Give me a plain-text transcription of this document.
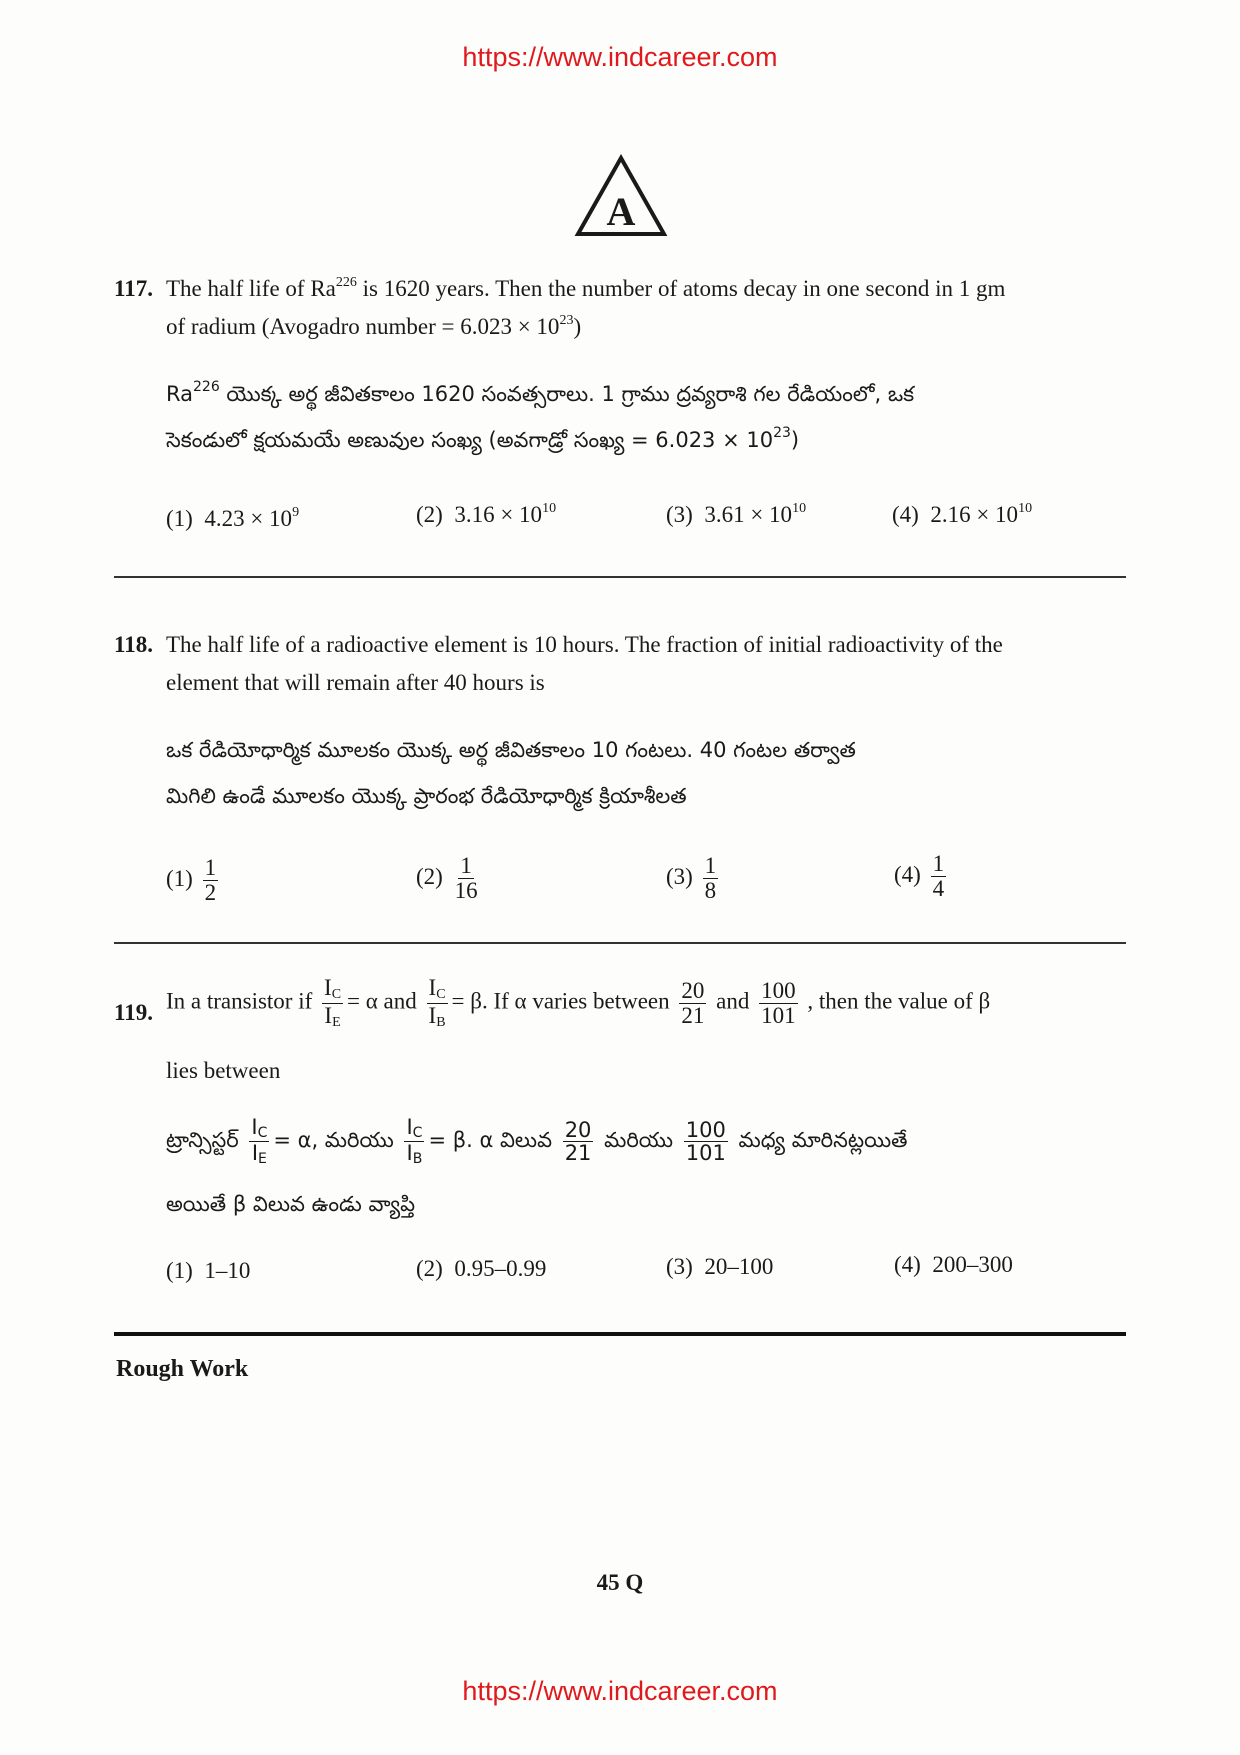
https://www.indcareer.com
A
117. The half life of Ra$^{226}$ is 1620 years. Then the number of atoms decay in one second in 1 gm
of radium (Avogadro number = $6.023 \times 10^{23}$)
Ra$^{226}$ యొక్క అర్థ జీవితకాలం 1620 సంవత్సరాలు. 1 గ్రాము ద్రవ్యరాశి గల రేడియంలో, ఒక
సెకండులో క్షయమయే అణువుల సంఖ్య (అవగాడ్రో సంఖ్య = $6.023 \times 10^{23}$)
(1) $4.23 \times 10^9$	(2) $3.16 \times 10^{10}$	(3) $3.61 \times 10^{10}$	(4) $2.16 \times 10^{10}$
118. The half life of a radioactive element is 10 hours. The fraction of initial radioactivity of the
element that will remain after 40 hours is
ఒక రేడియోధార్మిక మూలకం యొక్క అర్థ జీవితకాలం 10 గంటలు. 40 గంటల తర్వాత
మిగిలి ఉండే మూలకం యొక్క ప్రారంభ రేడియోధార్మిక క్రియాశీలత
$(1) \frac{1}{2}$	$(2) \frac{1}{16}$	$(3) \frac{1}{8}$	$(4) \frac{1}{4}$
119. In a transistor if $\frac{I_C}{I_E} = \alpha$ and $\frac{I_C}{I_B} = \beta$. If α varies between $\frac{20}{21}$ and $\frac{100}{101}$ , then the value of β
lies between
ట్రాన్సిస్టర్ $\frac{I_C}{I_E} = \alpha$, మరియు $\frac{I_C}{I_B} = \beta$. α విలువ $\frac{20}{21}$ మరియు $\frac{100}{101}$ మధ్య మారినట్లయితే
అయితే β విలువ ఉండు వ్యాప్తి
(1) 1–10	(2) 0.95–0.99	(3) 20–100	(4) 200–300
Rough Work
45 Q
https://www.indcareer.com
